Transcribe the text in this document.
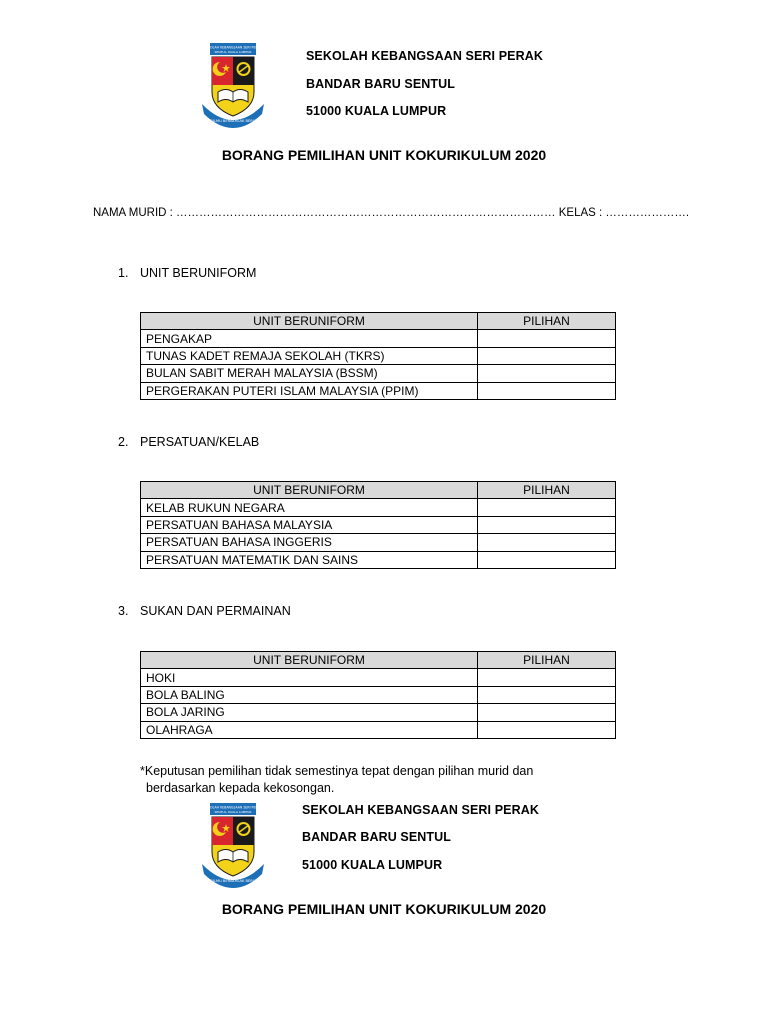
SEKOLAH KEBANGSAAN SERI PERAK
SENTUL, KUALA LUMPUR
BERILMU BERAKHLAK BERJAYA
SEKOLAH KEBANGSAAN SERI PERAK
BANDAR BARU SENTUL
51000 KUALA LUMPUR
BORANG PEMILIHAN UNIT KOKURIKULUM 2020
NAMA MURID : ……………………………………………………………………………………… KELAS : ………………….
1. UNIT BERUNIFORM
UNIT BERUNIFORM	PILIHAN
PENGAKAP	
TUNAS KADET REMAJA SEKOLAH (TKRS)	
BULAN SABIT MERAH MALAYSIA (BSSM)	
PERGERAKAN PUTERI ISLAM MALAYSIA (PPIM)	
2. PERSATUAN/KELAB
UNIT BERUNIFORM	PILIHAN
KELAB RUKUN NEGARA	
PERSATUAN BAHASA MALAYSIA	
PERSATUAN BAHASA INGGERIS	
PERSATUAN MATEMATIK DAN SAINS	
3. SUKAN DAN PERMAINAN
UNIT BERUNIFORM	PILIHAN
HOKI	
BOLA BALING	
BOLA JARING	
OLAHRAGA	
*Keputusan pemilihan tidak semestinya tepat dengan pilihan murid dan
berdasarkan kepada kekosongan.
SEKOLAH KEBANGSAAN SERI PERAK
SENTUL, KUALA LUMPUR
BERILMU BERAKHLAK BERJAYA
SEKOLAH KEBANGSAAN SERI PERAK
BANDAR BARU SENTUL
51000 KUALA LUMPUR
BORANG PEMILIHAN UNIT KOKURIKULUM 2020
